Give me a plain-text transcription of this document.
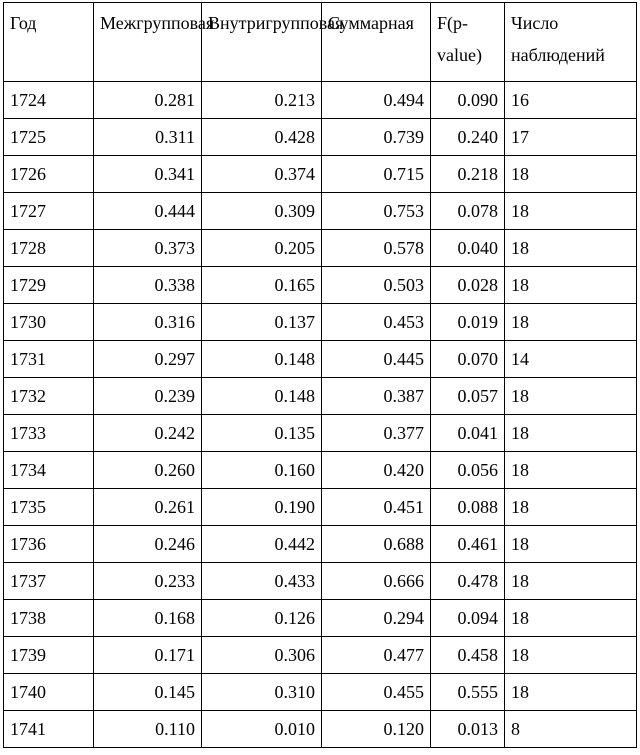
Год	Межгрупповая	Внутригрупповая	Суммарная	F(p-value)	Число наблюдений
1724	0.281	0.213	0.494	0.090	16
1725	0.311	0.428	0.739	0.240	17
1726	0.341	0.374	0.715	0.218	18
1727	0.444	0.309	0.753	0.078	18
1728	0.373	0.205	0.578	0.040	18
1729	0.338	0.165	0.503	0.028	18
1730	0.316	0.137	0.453	0.019	18
1731	0.297	0.148	0.445	0.070	14
1732	0.239	0.148	0.387	0.057	18
1733	0.242	0.135	0.377	0.041	18
1734	0.260	0.160	0.420	0.056	18
1735	0.261	0.190	0.451	0.088	18
1736	0.246	0.442	0.688	0.461	18
1737	0.233	0.433	0.666	0.478	18
1738	0.168	0.126	0.294	0.094	18
1739	0.171	0.306	0.477	0.458	18
1740	0.145	0.310	0.455	0.555	18
1741	0.110	0.010	0.120	0.013	8
